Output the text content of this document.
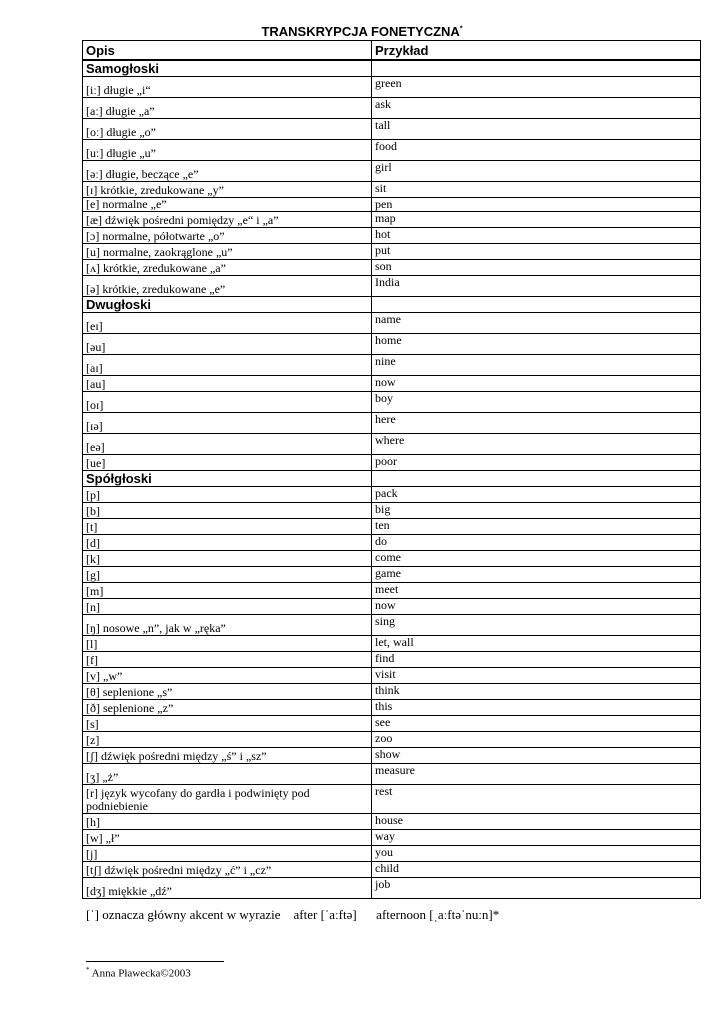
TRANSKRYPCJA FONETYCZNA*
Opis	Przykład
Samogłoski	
[iː] długie „i“	green
[aː] długie „a”	ask
[oː] długie „o”	tall
[uː] długie „u”	food
[əː] długie, beczące „e”	girl
[ɪ] krótkie, zredukowane „y”	sit
[e] normalne „e”	pen
[æ] dźwięk pośredni pomiędzy „e“ i „a”	map
[ɔ] normalne, półotwarte „o”	hot
[u] normalne, zaokrąglone „u”	put
[ʌ] krótkie, zredukowane „a”	son
[ə] krótkie, zredukowane „e”	India
Dwugłoski	
[eɪ]	name
[əu]	home
[aɪ]	nine
[au]	now
[oɪ]	boy
[ɪə]	here
[eə]	where
[ue]	poor
Spółgłoski	
[p]	pack
[b]	big
[t]	ten
[d]	do
[k]	come
[g]	game
[m]	meet
[n]	now
[ŋ] nosowe „n”, jak w „ręka”	sing
[l]	let, wall
[f]	find
[v] „w”	visit
[θ] seplenione „s”	think
[ð] seplenione „z”	this
[s]	see
[z]	zoo
[ʃ] dźwięk pośredni między „ś” i „sz”	show
[ʒ] „ż”	measure
[r] język wycofany do gardła i podwinięty pod podniebienie	rest
[h]	house
[w] „ł”	way
[j]	you
[tʃ] dźwięk pośredni między „ć” i „cz”	child
[dʒ] miękkie „dź”	job
[ˈ] oznacza główny akcent w wyrazie    after [ˈaːftə]      afternoon [ˌaːftəˈnuːn]*
* Anna Pławecka©2003
